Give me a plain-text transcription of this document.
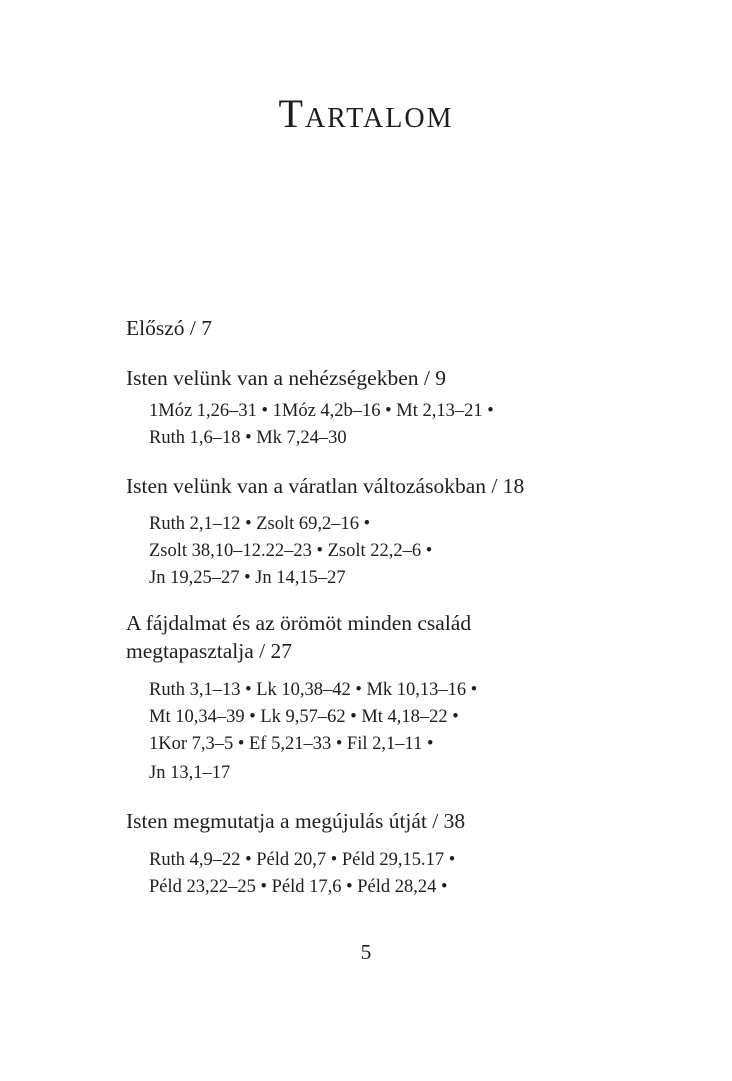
Tartalom
Előszó / 7
Isten velünk van a nehézségekben / 9
1Móz 1,26–31 • 1Móz 4,2b–16 • Mt 2,13–21 •
Ruth 1,6–18 • Mk 7,24–30
Isten velünk van a váratlan változásokban / 18
Ruth 2,1–12 • Zsolt 69,2–16 •
Zsolt 38,10–12.22–23 • Zsolt 22,2–6 •
Jn 19,25–27 • Jn 14,15–27
A fájdalmat és az örömöt minden család
megtapasztalja / 27
Ruth 3,1–13 • Lk 10,38–42 • Mk 10,13–16 •
Mt 10,34–39 • Lk 9,57–62 • Mt 4,18–22 •
1Kor 7,3–5 • Ef 5,21–33 • Fil 2,1–11 •
Jn 13,1–17
Isten megmutatja a megújulás útját / 38
Ruth 4,9–22 • Péld 20,7 • Péld 29,15.17 •
Péld 23,22–25 • Péld 17,6 • Péld 28,24 •
5
